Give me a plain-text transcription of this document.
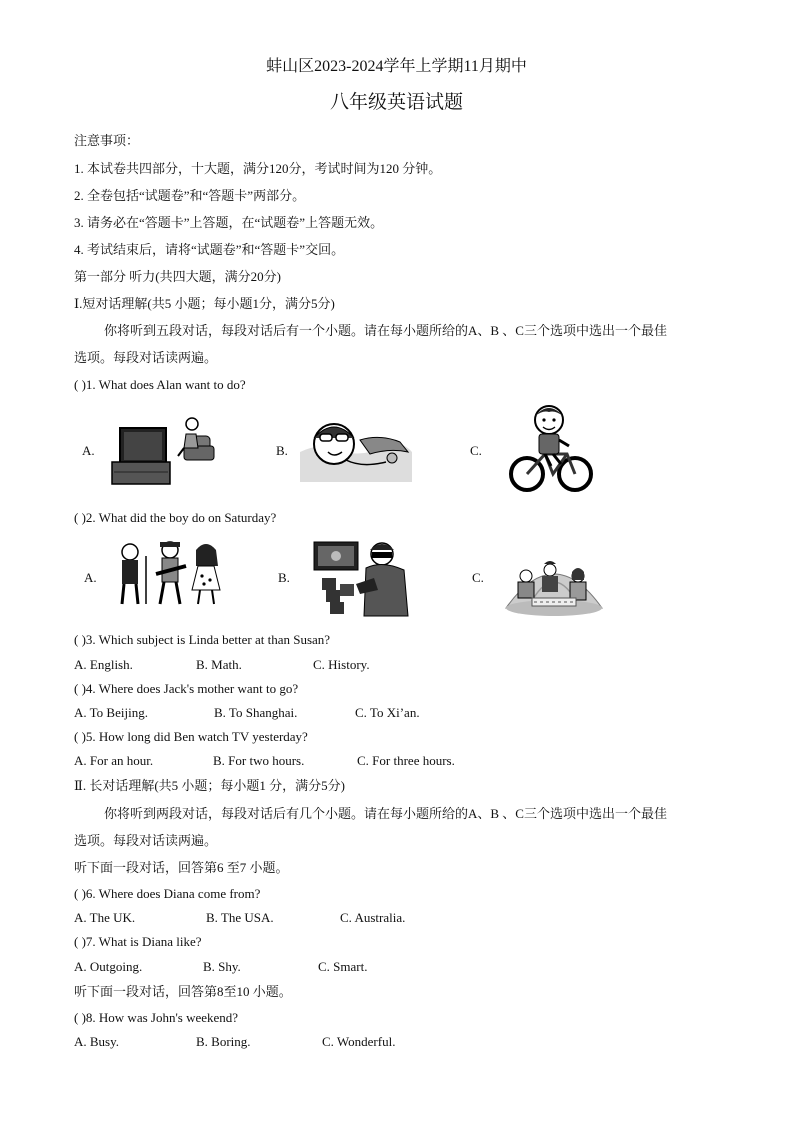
蚌山区2023-2024学年上学期11月期中
八年级英语试题
注意事项：
1. 本试卷共四部分，十大题，满分120分，考试时间为120 分钟。
2. 全卷包括“试题卷”和“答题卡”两部分。
3. 请务必在“答题卡”上答题，在“试题卷”上答题无效。
4. 考试结束后，请将“试题卷”和“答题卡”交回。
第一部分 听力(共四大题，满分20分)
Ⅰ.短对话理解(共5 小题；每小题1分，满分5分)
你将听到五段对话，每段对话后有一个小题。请在每小题所给的A、B 、C三个选项中选出一个最佳
选项。每段对话读两遍。
( )1. What does Alan want to do?
A.	B.	C.
( )2. What did the boy do on Saturday?
A.	B.	C.
( )3. Which subject is Linda better at than Susan?
A. English.	B. Math.	C. History.
( )4. Where does Jack's mother want to go?
A. To Beijing.	B. To Shanghai.	C. To Xi’an.
( )5. How long did Ben watch TV yesterday?
A. For an hour.	B. For two hours.	C. For three hours.
Ⅱ. 长对话理解(共5 小题；每小题1 分，满分5分)
你将听到两段对话，每段对话后有几个小题。请在每小题所给的A、B 、C三个选项中选出一个最佳
选项。每段对话读两遍。
听下面一段对话，回答第6 至7 小题。
( )6. Where does Diana come from?
A. The UK.	B. The USA.	C. Australia.
( )7. What is Diana like?
A. Outgoing.	B. Shy.	C. Smart.
听下面一段对话，回答第8至10 小题。
( )8. How was John's weekend?
A. Busy.	B. Boring.	C. Wonderful.
